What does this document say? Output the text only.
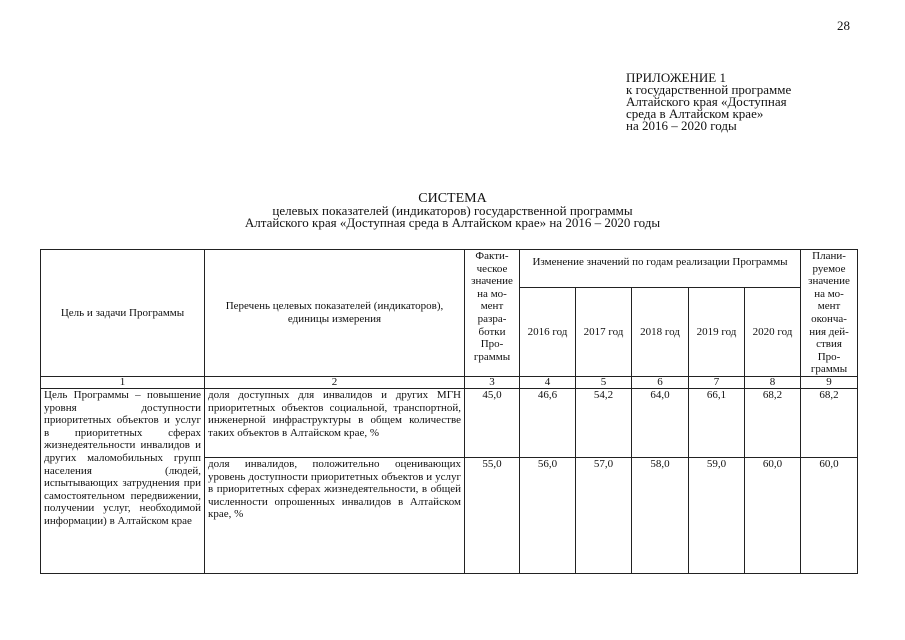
28
ПРИЛОЖЕНИЕ 1
к государственной программе
Алтайского края «Доступная
среда в Алтайском крае»
на 2016 – 2020 годы
СИСТЕМА
целевых показателей (индикаторов) государственной программы
Алтайского края «Доступная среда в Алтайском крае» на 2016 – 2020 годы
Цель и задачи Программы	Перечень целевых показателей (индикаторов), единицы измерения	Факти-ческое значение на мо-мент разра-ботки Про-граммы	Изменение значений по годам реализации Программы					Плани-руемое значение на мо-мент оконча-ния дей-ствия Про-граммы
			2016 год	2017 год	2018 год	2019 год	2020 год	
1	2	3	4	5	6	7	8	9
Цель Программы – повышение уровня доступности приоритетных объектов и услуг в приоритетных сферах жизнедеятельности инвалидов и других маломобильных групп населения (людей, испытывающих затруднения при самостоятельном передвижении, получении услуг, необходимой информации) в Алтайском крае	доля доступных для инвалидов и других МГН приоритетных объектов социальной, транспортной, инженерной инфраструктуры в общем количестве таких объектов в Алтайском крае, %	45,0	46,6	54,2	64,0	66,1	68,2	68,2
	доля инвалидов, положительно оценивающих уровень доступности приоритетных объектов и услуг в приоритетных сферах жизнедеятельности, в общей численности опрошенных инвалидов в Алтайском крае, %	55,0	56,0	57,0	58,0	59,0	60,0	60,0
